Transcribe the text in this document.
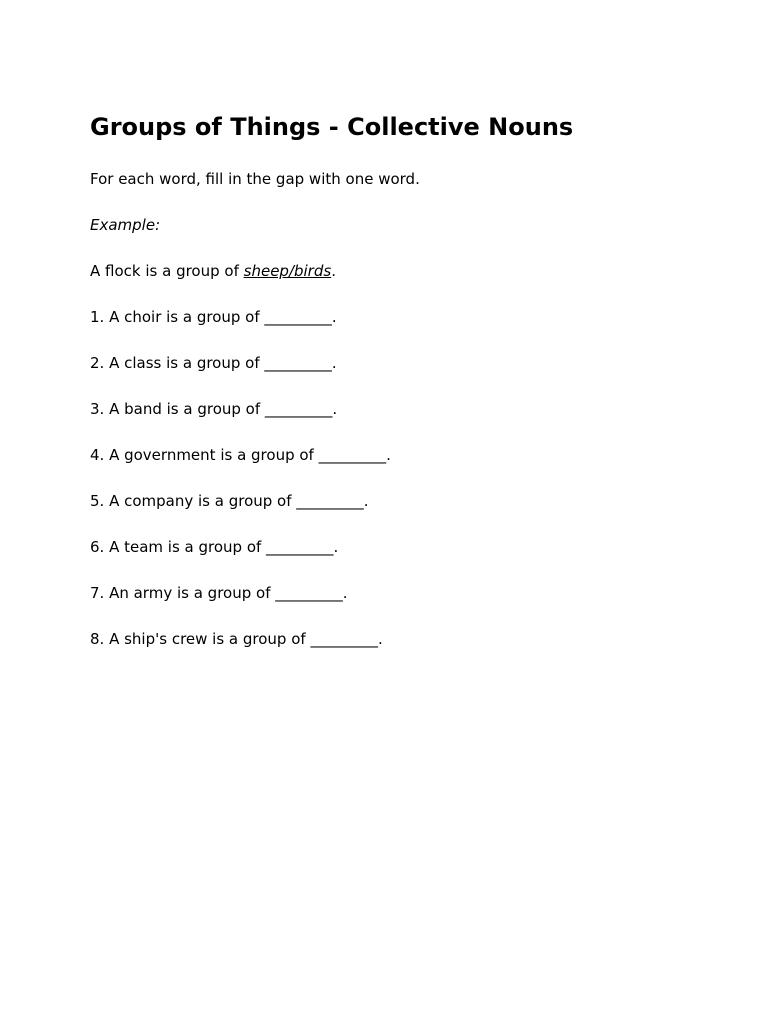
Groups of Things - Collective Nouns

For each word, fill in the gap with one word.

Example:

A flock is a group of sheep/birds.

1. A choir is a group of _________.

2. A class is a group of _________.

3. A band is a group of _________.

4. A government is a group of _________.

5. A company is a group of _________.

6. A team is a group of _________.

7. An army is a group of _________.

8. A ship's crew is a group of _________.
